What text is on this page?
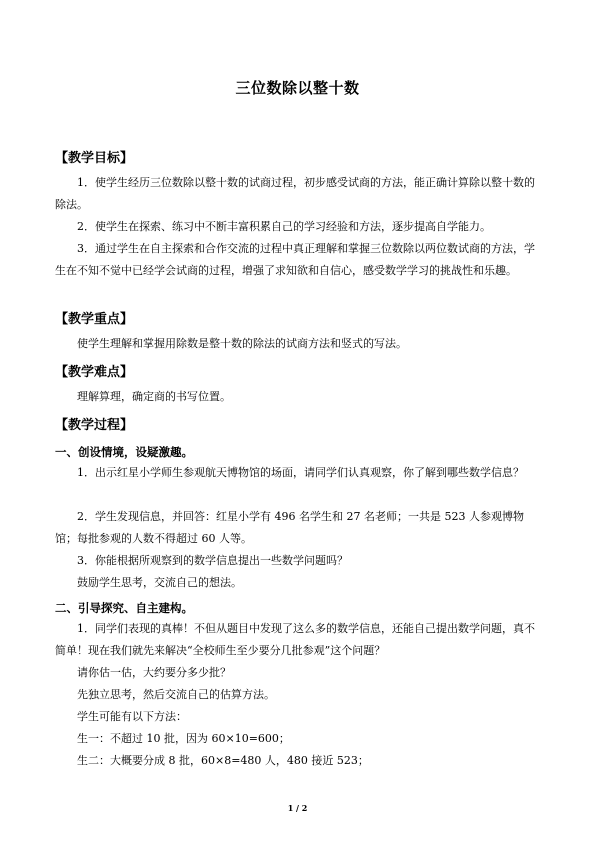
三位数除以整十数
【教学目标】
1．使学生经历三位数除以整十数的试商过程，初步感受试商的方法，能正确计算除以整十数的除法。
2．使学生在探索、练习中不断丰富积累自己的学习经验和方法，逐步提高自学能力。
3．通过学生在自主探索和合作交流的过程中真正理解和掌握三位数除以两位数试商的方法，学生在不知不觉中已经学会试商的过程，增强了求知欲和自信心，感受数学学习的挑战性和乐趣。
【教学重点】
使学生理解和掌握用除数是整十数的除法的试商方法和竖式的写法。
【教学难点】
理解算理，确定商的书写位置。
【教学过程】
一、创设情境，设疑激趣。
1．出示红星小学师生参观航天博物馆的场面，请同学们认真观察，你了解到哪些数学信息？
2．学生发现信息，并回答：红星小学有 496 名学生和 27 名老师；一共是 523 人参观博物馆；每批参观的人数不得超过 60 人等。
3．你能根据所观察到的数学信息提出一些数学问题吗？
鼓励学生思考，交流自己的想法。
二、引导探究、自主建构。
1．同学们表现的真棒！不但从题目中发现了这么多的数学信息，还能自己提出数学问题，真不简单！现在我们就先来解决“全校师生至少要分几批参观”这个问题？
请你估一估，大约要分多少批？
先独立思考，然后交流自己的估算方法。
学生可能有以下方法：
生一：不超过 10 批，因为 60×10=600；
生二：大概要分成 8 批，60×8=480 人，480 接近 523；
1 / 2
